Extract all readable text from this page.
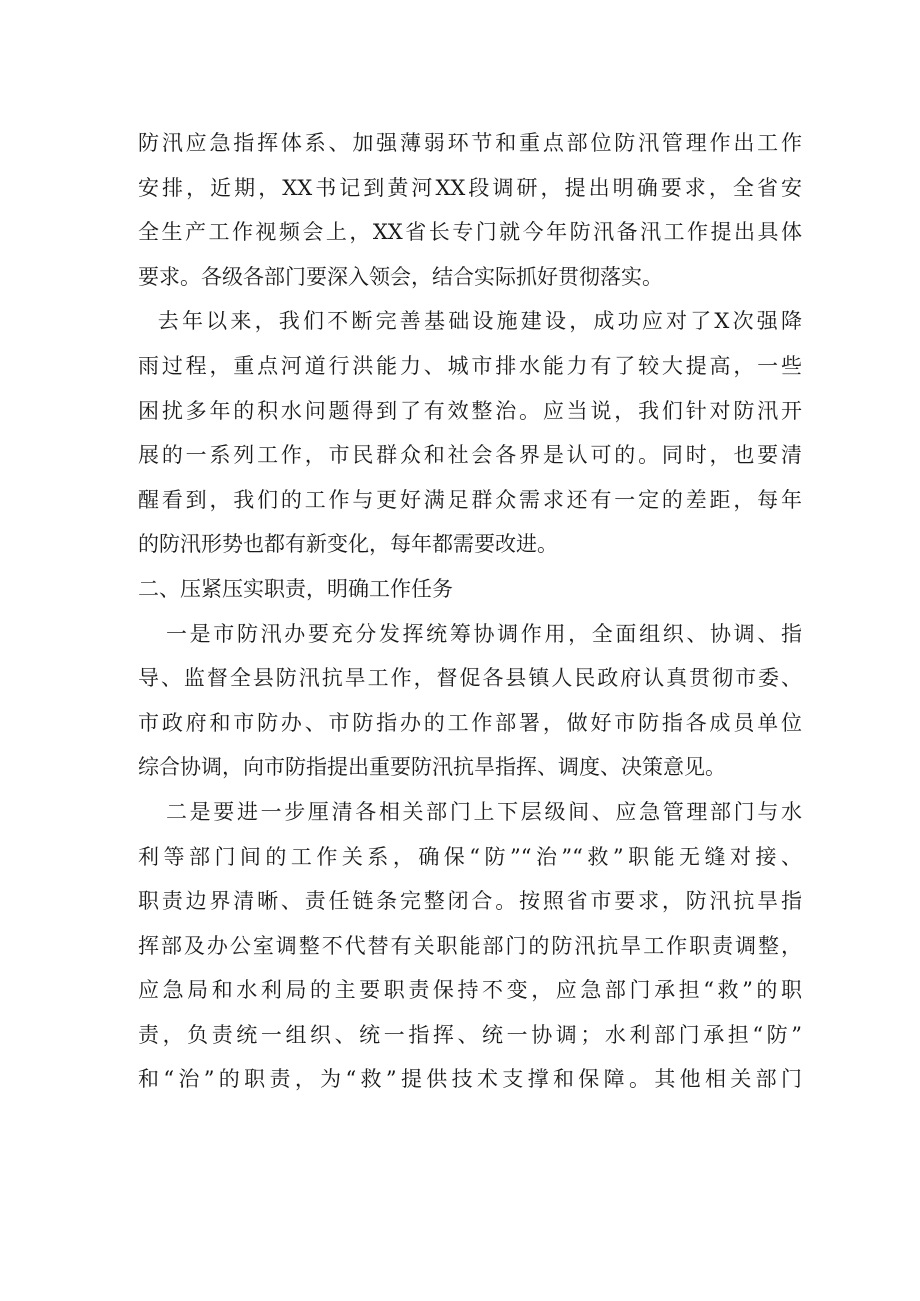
防汛应急指挥体系、加强薄弱环节和重点部位防汛管理作出工作
安排，近期，XX书记到黄河XX段调研，提出明确要求，全省安
全生产工作视频会上，XX省长专门就今年防汛备汛工作提出具体
要求。各级各部门要深入领会，结合实际抓好贯彻落实。
去年以来，我们不断完善基础设施建设，成功应对了X次强降
雨过程，重点河道行洪能力、城市排水能力有了较大提高，一些
困扰多年的积水问题得到了有效整治。应当说，我们针对防汛开
展的一系列工作，市民群众和社会各界是认可的。同时，也要清
醒看到，我们的工作与更好满足群众需求还有一定的差距，每年
的防汛形势也都有新变化，每年都需要改进。
二、压紧压实职责，明确工作任务
一是市防汛办要充分发挥统筹协调作用，全面组织、协调、指
导、监督全县防汛抗旱工作，督促各县镇人民政府认真贯彻市委、
市政府和市防办、市防指办的工作部署，做好市防指各成员单位
综合协调，向市防指提出重要防汛抗旱指挥、调度、决策意见。
二是要进一步厘清各相关部门上下层级间、应急管理部门与水
利等部门间的工作关系，确保“防”“治”“救”职能无缝对接、
职责边界清晰、责任链条完整闭合。按照省市要求，防汛抗旱指
挥部及办公室调整不代替有关职能部门的防汛抗旱工作职责调整，
应急局和水利局的主要职责保持不变，应急部门承担“救”的职
责，负责统一组织、统一指挥、统一协调；水利部门承担“防”
和“治”的职责，为“救”提供技术支撑和保障。其他相关部门
